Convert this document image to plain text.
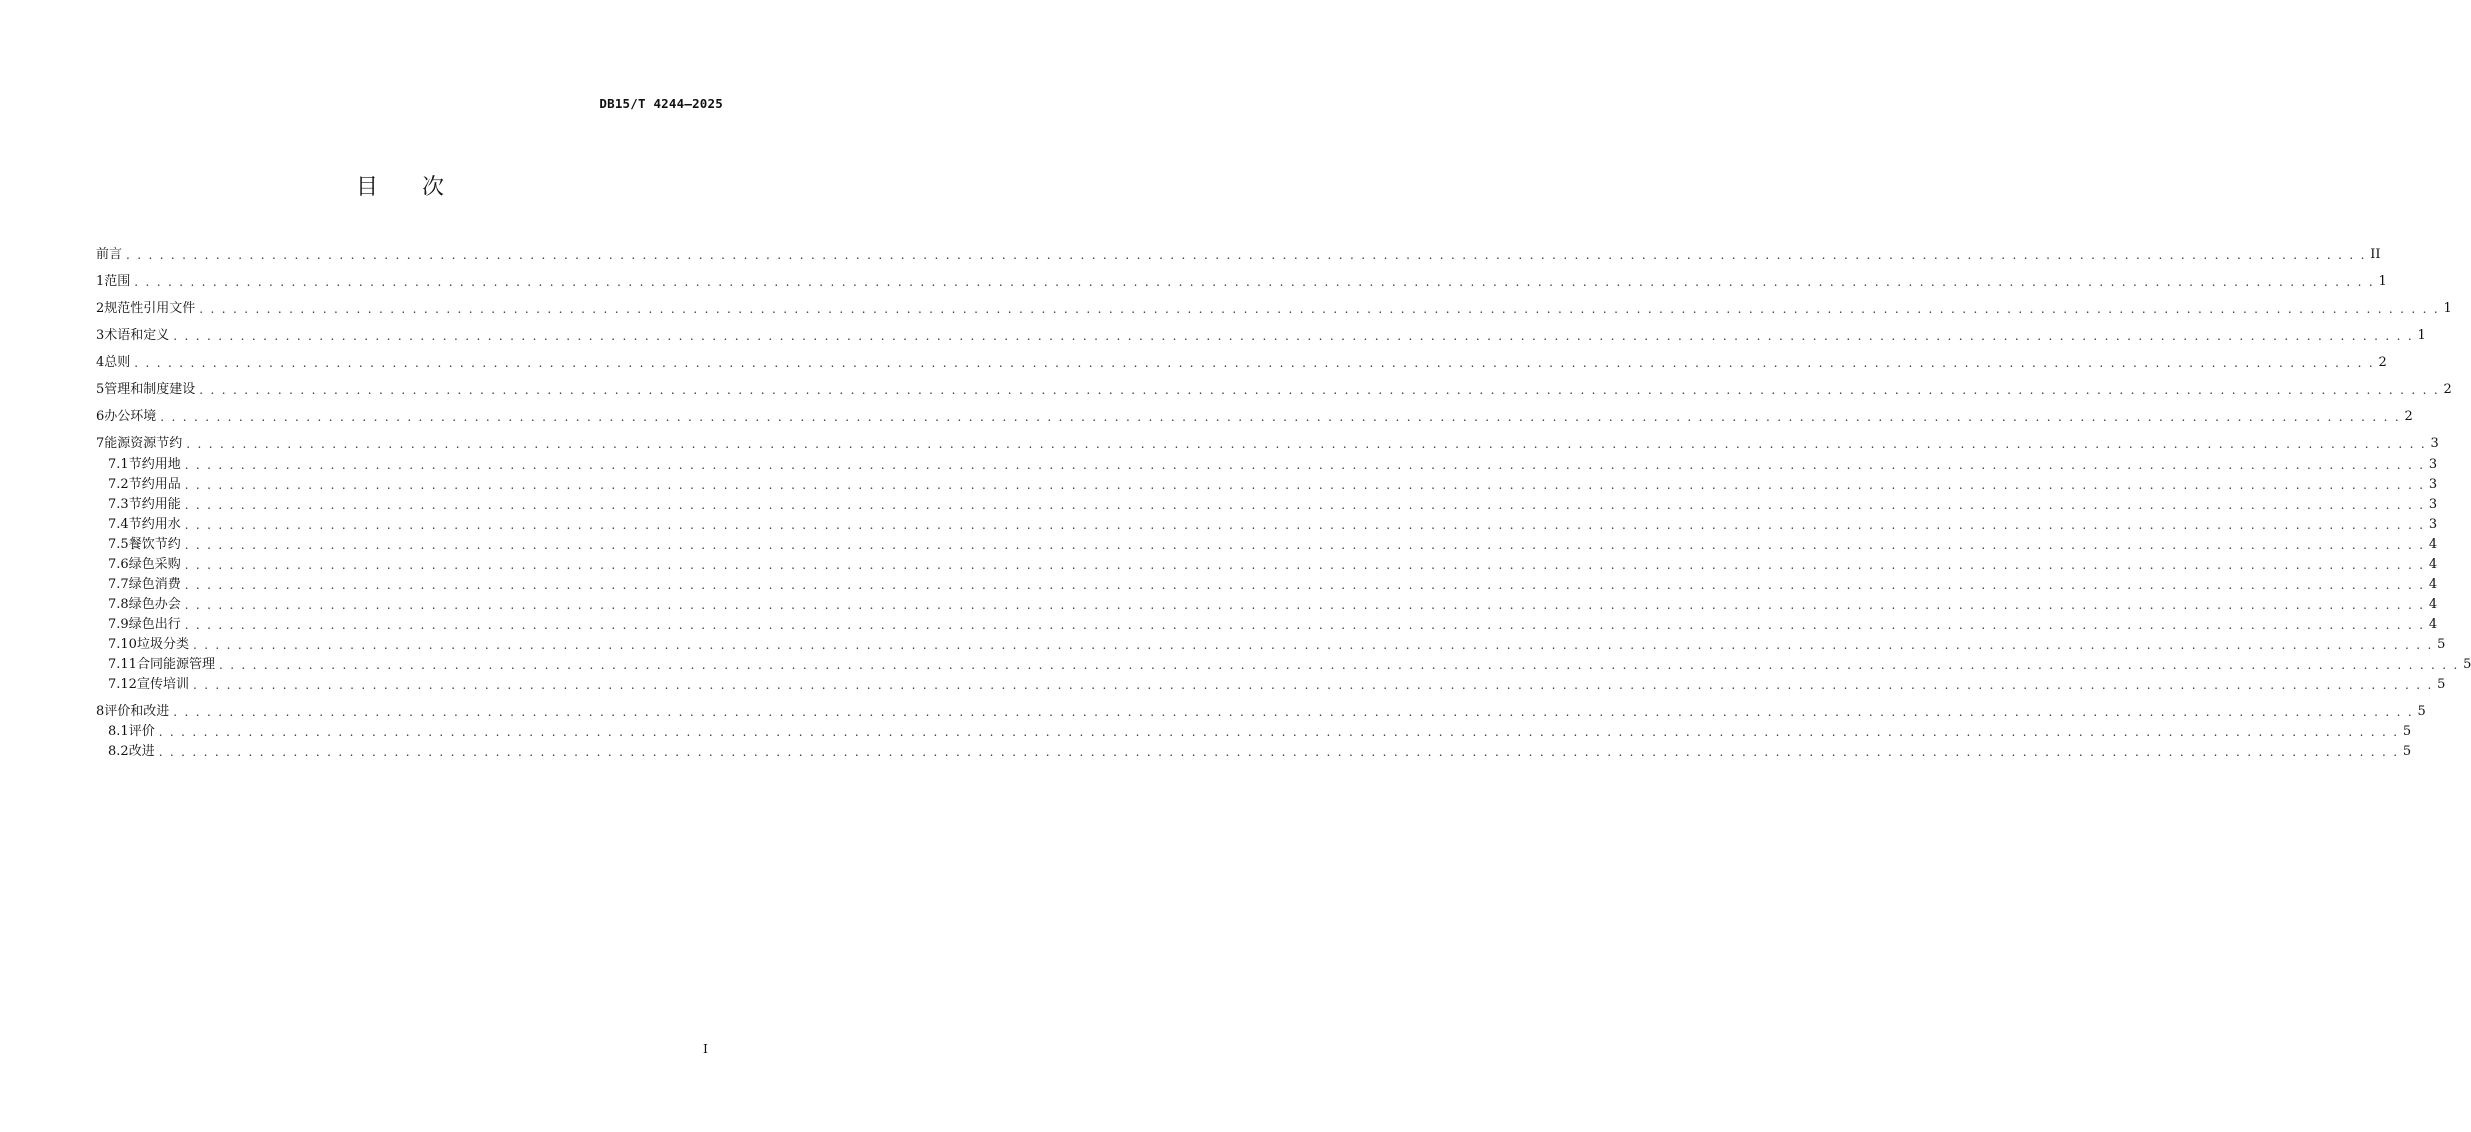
DB15/T 4244—2025
目次
前言 . . . . . . . . . . . . . . . . . . . . . . . . . . . . . . . . . . . . . . . . . . . . . . . . . . . . . . . . . . . . . . . . . . . . . . . . . . . . . . . . . . . . . . . . . . . . . . . . . . . . . . . . . . . . . . . . . . . . . . . . . . . . . . . . . . . . . . . . . . . . . . . . . . . . . . . . . . . . . . . . . . . . . . . . . . . . . . . . . . . . . . . . . . . . . . . . . . . . . . . . II
1 范围 . . . . . . . . . . . . . . . . . . . . . . . . . . . . . . . . . . . . . . . . . . . . . . . . . . . . . . . . . . . . . . . . . . . . . . . . . . . . . . . . . . . . . . . . . . . . . . . . . . . . . . . . . . . . . . . . . . . . . . . . . . . . . . . . . . . . . . . . . . . . . . . . . . . . . . . . . . . . . . . . . . . . . . . . . . . . . . . . . . . . . . . . . . . . . . . . . . . . . . . . 1
2 规范性引用文件 . . . . . . . . . . . . . . . . . . . . . . . . . . . . . . . . . . . . . . . . . . . . . . . . . . . . . . . . . . . . . . . . . . . . . . . . . . . . . . . . . . . . . . . . . . . . . . . . . . . . . . . . . . . . . . . . . . . . . . . . . . . . . . . . . . . . . . . . . . . . . . . . . . . . . . . . . . . . . . . . . . . . . . . . . . . . . . . . . . . . . . . . . . . . . . . . . . . . . . . . 1
3 术语和定义 . . . . . . . . . . . . . . . . . . . . . . . . . . . . . . . . . . . . . . . . . . . . . . . . . . . . . . . . . . . . . . . . . . . . . . . . . . . . . . . . . . . . . . . . . . . . . . . . . . . . . . . . . . . . . . . . . . . . . . . . . . . . . . . . . . . . . . . . . . . . . . . . . . . . . . . . . . . . . . . . . . . . . . . . . . . . . . . . . . . . . . . . . . . . . . . . . . . . . . . . 1
4 总则 . . . . . . . . . . . . . . . . . . . . . . . . . . . . . . . . . . . . . . . . . . . . . . . . . . . . . . . . . . . . . . . . . . . . . . . . . . . . . . . . . . . . . . . . . . . . . . . . . . . . . . . . . . . . . . . . . . . . . . . . . . . . . . . . . . . . . . . . . . . . . . . . . . . . . . . . . . . . . . . . . . . . . . . . . . . . . . . . . . . . . . . . . . . . . . . . . . . . . . . . 2
5 管理和制度建设 . . . . . . . . . . . . . . . . . . . . . . . . . . . . . . . . . . . . . . . . . . . . . . . . . . . . . . . . . . . . . . . . . . . . . . . . . . . . . . . . . . . . . . . . . . . . . . . . . . . . . . . . . . . . . . . . . . . . . . . . . . . . . . . . . . . . . . . . . . . . . . . . . . . . . . . . . . . . . . . . . . . . . . . . . . . . . . . . . . . . . . . . . . . . . . . . . . . . . . . . 2
6 办公环境 . . . . . . . . . . . . . . . . . . . . . . . . . . . . . . . . . . . . . . . . . . . . . . . . . . . . . . . . . . . . . . . . . . . . . . . . . . . . . . . . . . . . . . . . . . . . . . . . . . . . . . . . . . . . . . . . . . . . . . . . . . . . . . . . . . . . . . . . . . . . . . . . . . . . . . . . . . . . . . . . . . . . . . . . . . . . . . . . . . . . . . . . . . . . . . . . . . . . . . . . 2
7 能源资源节约 . . . . . . . . . . . . . . . . . . . . . . . . . . . . . . . . . . . . . . . . . . . . . . . . . . . . . . . . . . . . . . . . . . . . . . . . . . . . . . . . . . . . . . . . . . . . . . . . . . . . . . . . . . . . . . . . . . . . . . . . . . . . . . . . . . . . . . . . . . . . . . . . . . . . . . . . . . . . . . . . . . . . . . . . . . . . . . . . . . . . . . . . . . . . . . . . . . . . . . . . 3
7.1 节约用地 . . . . . . . . . . . . . . . . . . . . . . . . . . . . . . . . . . . . . . . . . . . . . . . . . . . . . . . . . . . . . . . . . . . . . . . . . . . . . . . . . . . . . . . . . . . . . . . . . . . . . . . . . . . . . . . . . . . . . . . . . . . . . . . . . . . . . . . . . . . . . . . . . . . . . . . . . . . . . . . . . . . . . . . . . . . . . . . . . . . . . . . . . . . . . . . . . . . . . . . . 3
7.2 节约用品 . . . . . . . . . . . . . . . . . . . . . . . . . . . . . . . . . . . . . . . . . . . . . . . . . . . . . . . . . . . . . . . . . . . . . . . . . . . . . . . . . . . . . . . . . . . . . . . . . . . . . . . . . . . . . . . . . . . . . . . . . . . . . . . . . . . . . . . . . . . . . . . . . . . . . . . . . . . . . . . . . . . . . . . . . . . . . . . . . . . . . . . . . . . . . . . . . . . . . . . . 3
7.3 节约用能 . . . . . . . . . . . . . . . . . . . . . . . . . . . . . . . . . . . . . . . . . . . . . . . . . . . . . . . . . . . . . . . . . . . . . . . . . . . . . . . . . . . . . . . . . . . . . . . . . . . . . . . . . . . . . . . . . . . . . . . . . . . . . . . . . . . . . . . . . . . . . . . . . . . . . . . . . . . . . . . . . . . . . . . . . . . . . . . . . . . . . . . . . . . . . . . . . . . . . . . . 3
7.4 节约用水 . . . . . . . . . . . . . . . . . . . . . . . . . . . . . . . . . . . . . . . . . . . . . . . . . . . . . . . . . . . . . . . . . . . . . . . . . . . . . . . . . . . . . . . . . . . . . . . . . . . . . . . . . . . . . . . . . . . . . . . . . . . . . . . . . . . . . . . . . . . . . . . . . . . . . . . . . . . . . . . . . . . . . . . . . . . . . . . . . . . . . . . . . . . . . . . . . . . . . . . . 3
7.5 餐饮节约 . . . . . . . . . . . . . . . . . . . . . . . . . . . . . . . . . . . . . . . . . . . . . . . . . . . . . . . . . . . . . . . . . . . . . . . . . . . . . . . . . . . . . . . . . . . . . . . . . . . . . . . . . . . . . . . . . . . . . . . . . . . . . . . . . . . . . . . . . . . . . . . . . . . . . . . . . . . . . . . . . . . . . . . . . . . . . . . . . . . . . . . . . . . . . . . . . . . . . . . . 4
7.6 绿色采购 . . . . . . . . . . . . . . . . . . . . . . . . . . . . . . . . . . . . . . . . . . . . . . . . . . . . . . . . . . . . . . . . . . . . . . . . . . . . . . . . . . . . . . . . . . . . . . . . . . . . . . . . . . . . . . . . . . . . . . . . . . . . . . . . . . . . . . . . . . . . . . . . . . . . . . . . . . . . . . . . . . . . . . . . . . . . . . . . . . . . . . . . . . . . . . . . . . . . . . . . 4
7.7 绿色消费 . . . . . . . . . . . . . . . . . . . . . . . . . . . . . . . . . . . . . . . . . . . . . . . . . . . . . . . . . . . . . . . . . . . . . . . . . . . . . . . . . . . . . . . . . . . . . . . . . . . . . . . . . . . . . . . . . . . . . . . . . . . . . . . . . . . . . . . . . . . . . . . . . . . . . . . . . . . . . . . . . . . . . . . . . . . . . . . . . . . . . . . . . . . . . . . . . . . . . . . . 4
7.8 绿色办会 . . . . . . . . . . . . . . . . . . . . . . . . . . . . . . . . . . . . . . . . . . . . . . . . . . . . . . . . . . . . . . . . . . . . . . . . . . . . . . . . . . . . . . . . . . . . . . . . . . . . . . . . . . . . . . . . . . . . . . . . . . . . . . . . . . . . . . . . . . . . . . . . . . . . . . . . . . . . . . . . . . . . . . . . . . . . . . . . . . . . . . . . . . . . . . . . . . . . . . . . 4
7.9 绿色出行 . . . . . . . . . . . . . . . . . . . . . . . . . . . . . . . . . . . . . . . . . . . . . . . . . . . . . . . . . . . . . . . . . . . . . . . . . . . . . . . . . . . . . . . . . . . . . . . . . . . . . . . . . . . . . . . . . . . . . . . . . . . . . . . . . . . . . . . . . . . . . . . . . . . . . . . . . . . . . . . . . . . . . . . . . . . . . . . . . . . . . . . . . . . . . . . . . . . . . . . . 4
7.10 垃圾分类 . . . . . . . . . . . . . . . . . . . . . . . . . . . . . . . . . . . . . . . . . . . . . . . . . . . . . . . . . . . . . . . . . . . . . . . . . . . . . . . . . . . . . . . . . . . . . . . . . . . . . . . . . . . . . . . . . . . . . . . . . . . . . . . . . . . . . . . . . . . . . . . . . . . . . . . . . . . . . . . . . . . . . . . . . . . . . . . . . . . . . . . . . . . . . . . . . . . . . . . . 5
7.11 合同能源管理 . . . . . . . . . . . . . . . . . . . . . . . . . . . . . . . . . . . . . . . . . . . . . . . . . . . . . . . . . . . . . . . . . . . . . . . . . . . . . . . . . . . . . . . . . . . . . . . . . . . . . . . . . . . . . . . . . . . . . . . . . . . . . . . . . . . . . . . . . . . . . . . . . . . . . . . . . . . . . . . . . . . . . . . . . . . . . . . . . . . . . . . . . . . . . . . . . . . . . . . . 5
7.12 宣传培训 . . . . . . . . . . . . . . . . . . . . . . . . . . . . . . . . . . . . . . . . . . . . . . . . . . . . . . . . . . . . . . . . . . . . . . . . . . . . . . . . . . . . . . . . . . . . . . . . . . . . . . . . . . . . . . . . . . . . . . . . . . . . . . . . . . . . . . . . . . . . . . . . . . . . . . . . . . . . . . . . . . . . . . . . . . . . . . . . . . . . . . . . . . . . . . . . . . . . . . . . 5
8 评价和改进 . . . . . . . . . . . . . . . . . . . . . . . . . . . . . . . . . . . . . . . . . . . . . . . . . . . . . . . . . . . . . . . . . . . . . . . . . . . . . . . . . . . . . . . . . . . . . . . . . . . . . . . . . . . . . . . . . . . . . . . . . . . . . . . . . . . . . . . . . . . . . . . . . . . . . . . . . . . . . . . . . . . . . . . . . . . . . . . . . . . . . . . . . . . . . . . . . . . . . . . . 5
8.1 评价 . . . . . . . . . . . . . . . . . . . . . . . . . . . . . . . . . . . . . . . . . . . . . . . . . . . . . . . . . . . . . . . . . . . . . . . . . . . . . . . . . . . . . . . . . . . . . . . . . . . . . . . . . . . . . . . . . . . . . . . . . . . . . . . . . . . . . . . . . . . . . . . . . . . . . . . . . . . . . . . . . . . . . . . . . . . . . . . . . . . . . . . . . . . . . . . . . . . . . . . . 5
8.2 改进 . . . . . . . . . . . . . . . . . . . . . . . . . . . . . . . . . . . . . . . . . . . . . . . . . . . . . . . . . . . . . . . . . . . . . . . . . . . . . . . . . . . . . . . . . . . . . . . . . . . . . . . . . . . . . . . . . . . . . . . . . . . . . . . . . . . . . . . . . . . . . . . . . . . . . . . . . . . . . . . . . . . . . . . . . . . . . . . . . . . . . . . . . . . . . . . . . . . . . . . . 5
I
